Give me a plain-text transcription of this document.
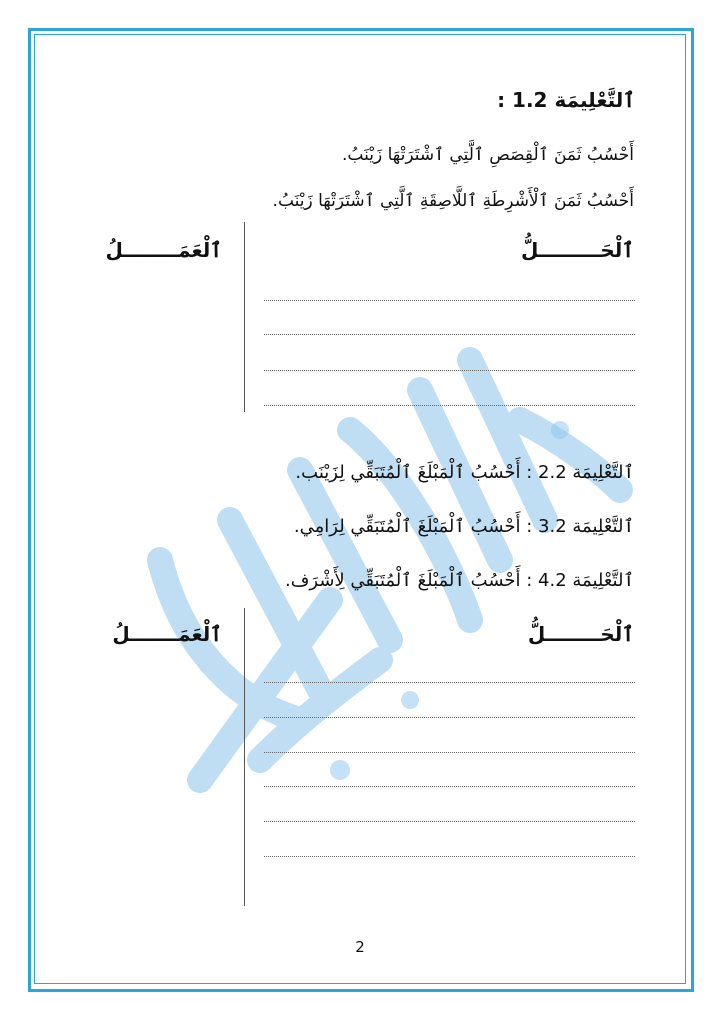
ٱلتَّعْلِيمَة 1.2 :
أَحْسُبُ ثَمَنَ ٱلْقِصَصِ ٱلَّتِي ٱشْتَرَتْهَا زَيْنَبُ.
أَحْسُبُ ثَمَنَ ٱلْأَشْرِطَةِ ٱللَّاصِقَةِ ٱلَّتِي ٱشْتَرَتْهَا زَيْنَبُ.
ٱلْحَـــــــــلُّ
ٱلْعَمَــــــــلُ
ٱلتَّعْلِيمَة 2.2 : أَحْسُبُ ٱلْمَبْلَغَ ٱلْمُتَبَقِّي لِزَيْنَب.
ٱلتَّعْلِيمَة 3.2 : أَحْسُبُ ٱلْمَبْلَغَ ٱلْمُتَبَقِّي لِرَامِي.
ٱلتَّعْلِيمَة 4.2 : أَحْسُبُ ٱلْمَبْلَغَ ٱلْمُتَبَقِّي لِأَشْرَف.
ٱلْحَــــــــلُّ
ٱلْعَمَـــــــلُ
2
